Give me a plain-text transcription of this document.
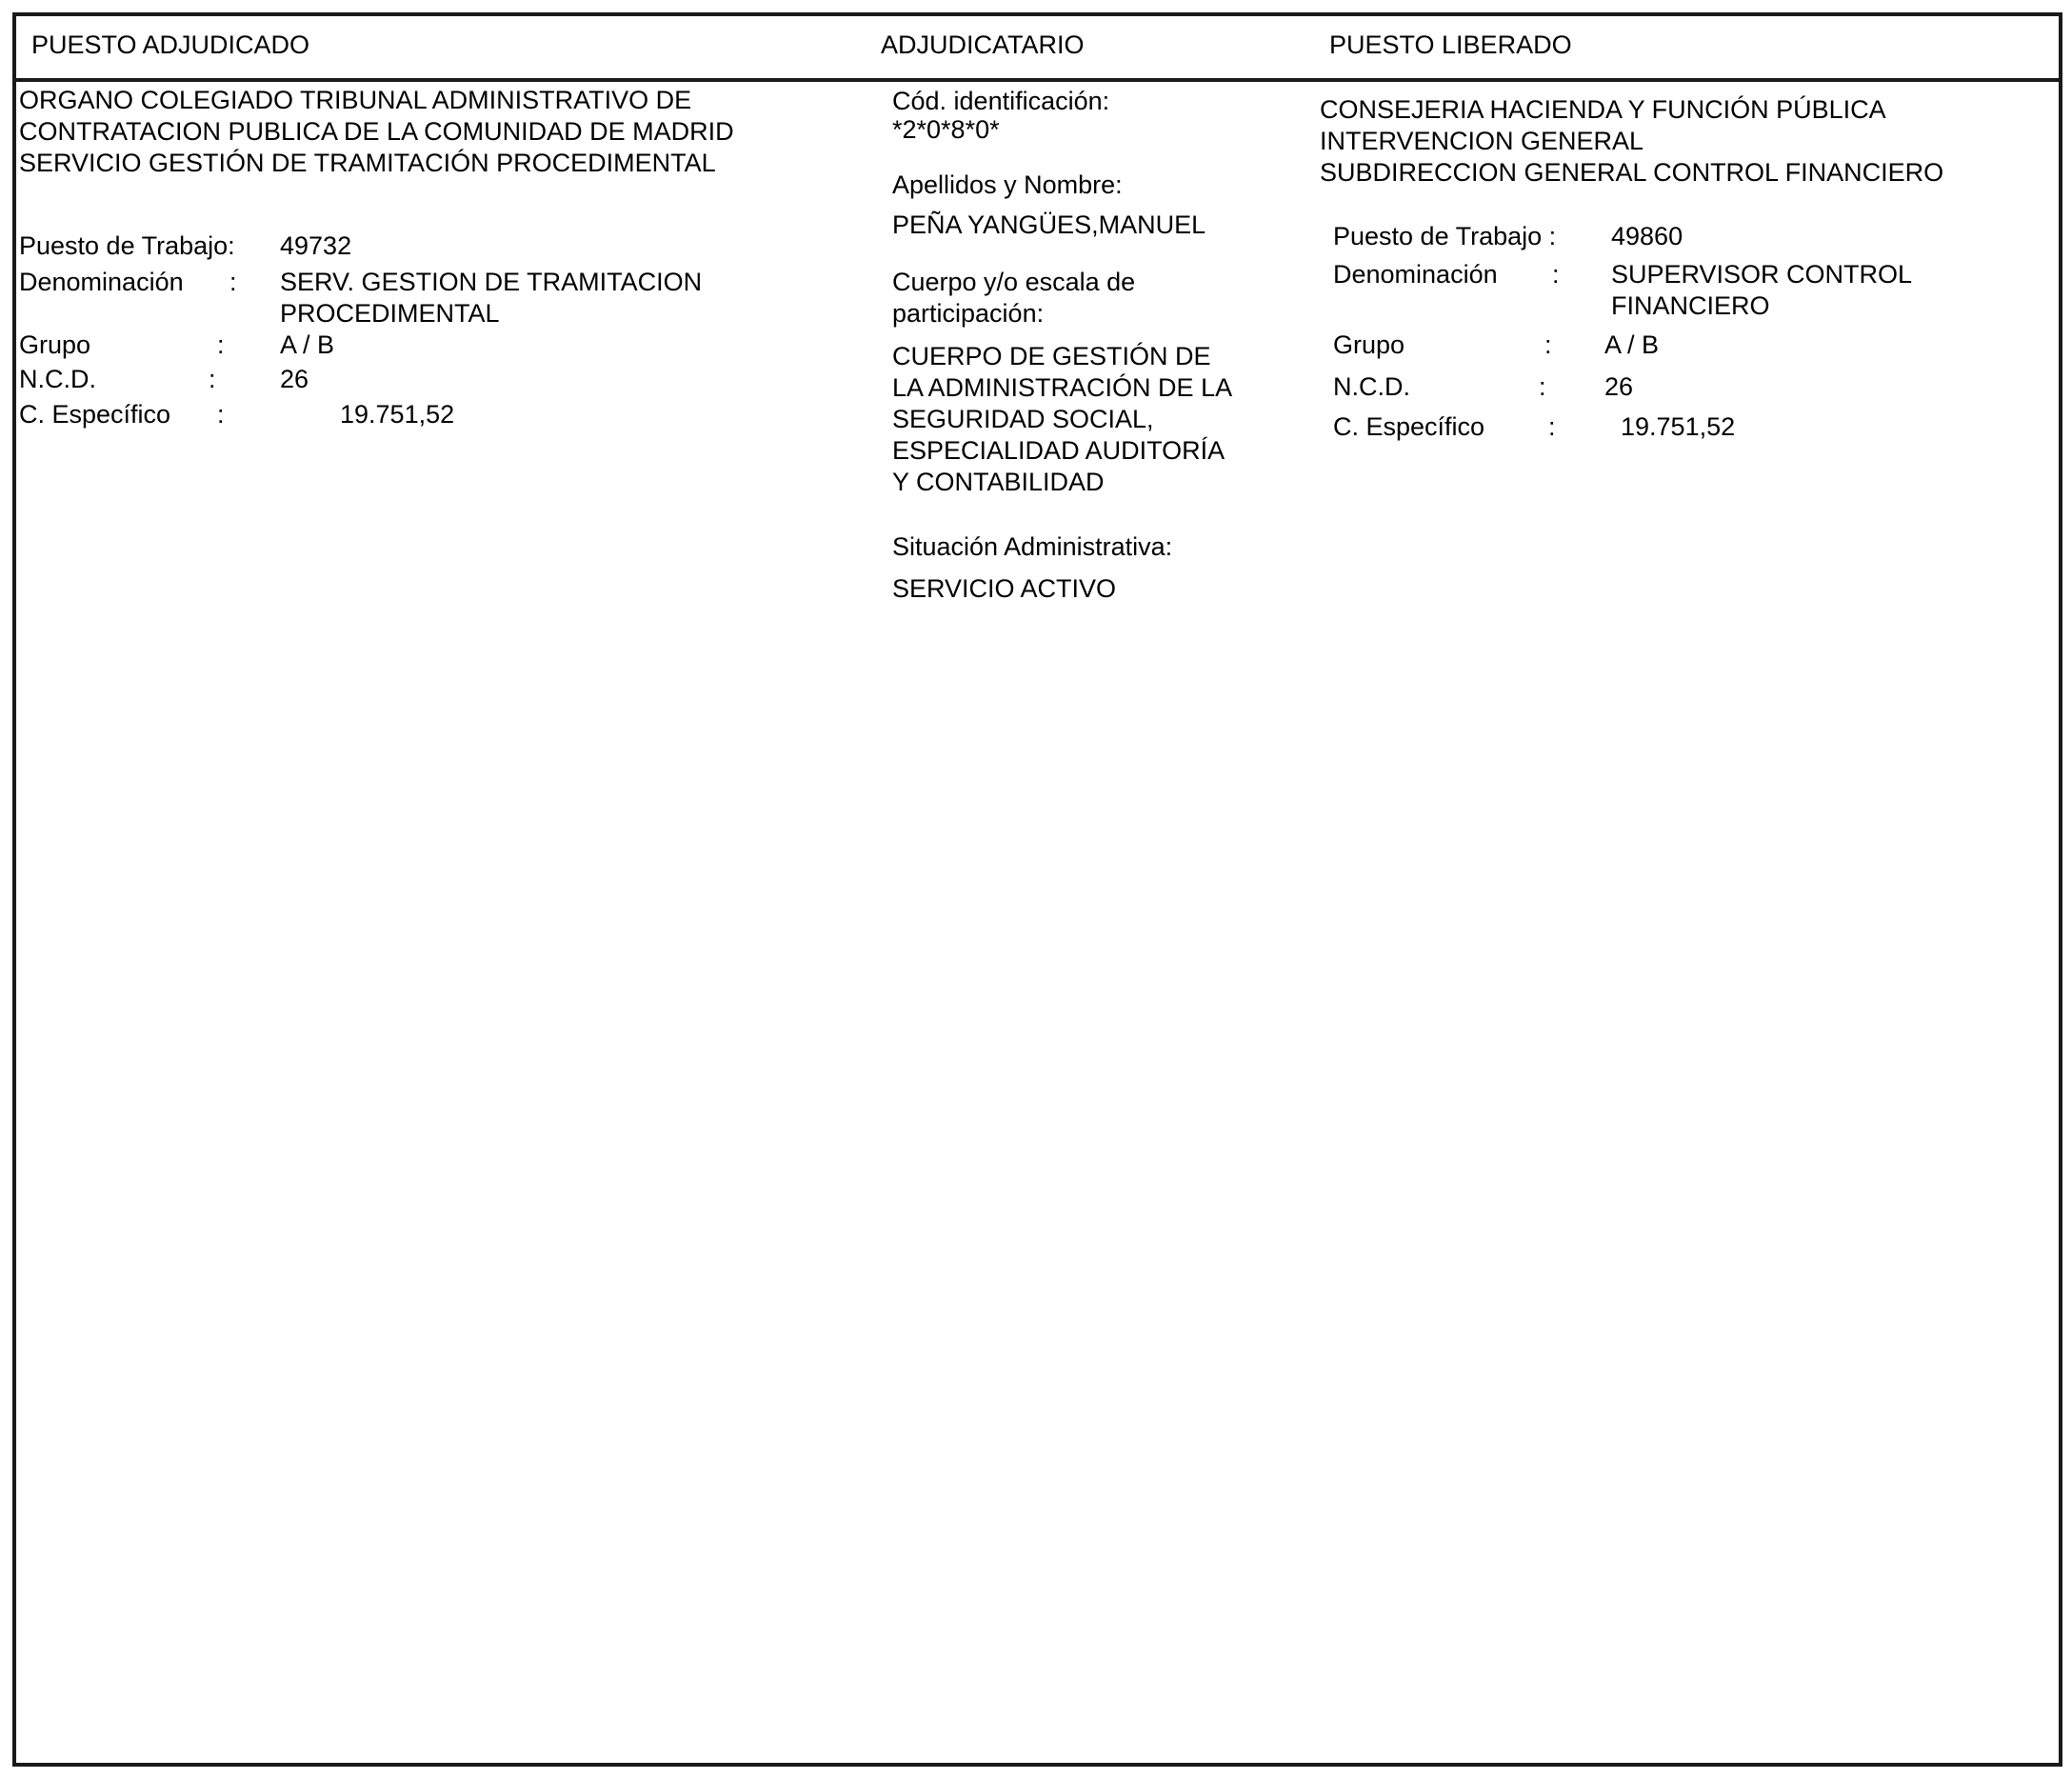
PUESTO ADJUDICADO	ADJUDICATARIO	PUESTO LIBERADO
ORGANO COLEGIADO TRIBUNAL ADMINISTRATIVO DE
CONTRATACION PUBLICA DE LA COMUNIDAD DE MADRID
SERVICIO GESTIÓN DE TRAMITACIÓN PROCEDIMENTAL
Puesto de Trabajo: 49732
Denominación : SERV. GESTION DE TRAMITACION
PROCEDIMENTAL
Grupo	: A / B
N.C.D.	: 26
C. Específico :	19.751,52
Cód. identificación:
*2*0*8*0*
Apellidos y Nombre:
PEÑA YANGÜES,MANUEL
Cuerpo y/o escala de
participación:
CUERPO DE GESTIÓN DE
LA ADMINISTRACIÓN DE LA
SEGURIDAD SOCIAL,
ESPECIALIDAD AUDITORÍA
Y CONTABILIDAD
Situación Administrativa:
SERVICIO ACTIVO
CONSEJERIA HACIENDA Y FUNCIÓN PÚBLICA
INTERVENCION GENERAL
SUBDIRECCION GENERAL CONTROL FINANCIERO
Puesto de Trabajo : 49860
Denominación : SUPERVISOR CONTROL
FINANCIERO
Grupo	: A / B
N.C.D.	: 26
C. Específico :	19.751,52
